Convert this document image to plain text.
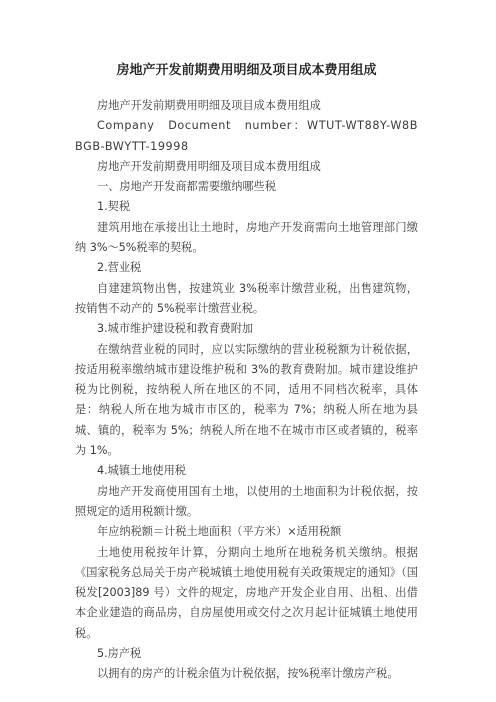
房地产开发前期费用明细及项目成本费用组成

房地产开发前期费用明细及项目成本费用组成

Company Document number：WTUT-WT88Y-W8BBGB-BWYTT-19998

房地产开发前期费用明细及项目成本费用组成

一、房地产开发商都需要缴纳哪些税

1.契税

建筑用地在承接出让土地时，房地产开发商需向土地管理部门缴纳 3%～5%税率的契税。

2.营业税

自建建筑物出售，按建筑业 3%税率计缴营业税，出售建筑物，按销售不动产的 5%税率计缴营业税。

3.城市维护建设税和教育费附加

在缴纳营业税的同时，应以实际缴纳的营业税税额为计税依据，按适用税率缴纳城市建设维护税和 3%的教育费附加。城市建设维护税为比例税，按纳税人所在地区的不同，适用不同档次税率，具体是：纳税人所在地为城市市区的，税率为 7%；纳税人所在地为县城、镇的，税率为 5%；纳税人所在地不在城市市区或者镇的，税率为 1%。

4.城镇土地使用税

房地产开发商使用国有土地，以使用的土地面积为计税依据，按照规定的适用税额计缴。

年应纳税额＝计税土地面积（平方米）×适用税额

土地使用税按年计算，分期向土地所在地税务机关缴纳。根据《国家税务总局关于房产税城镇土地使用税有关政策规定的通知》（国税发[2003]89 号）文件的规定，房地产开发企业自用、出租、出借本企业建造的商品房，自房屋使用或交付之次月起计征城镇土地使用税。

5.房产税

以拥有的房产的计税余值为计税依据，按%税率计缴房产税。
